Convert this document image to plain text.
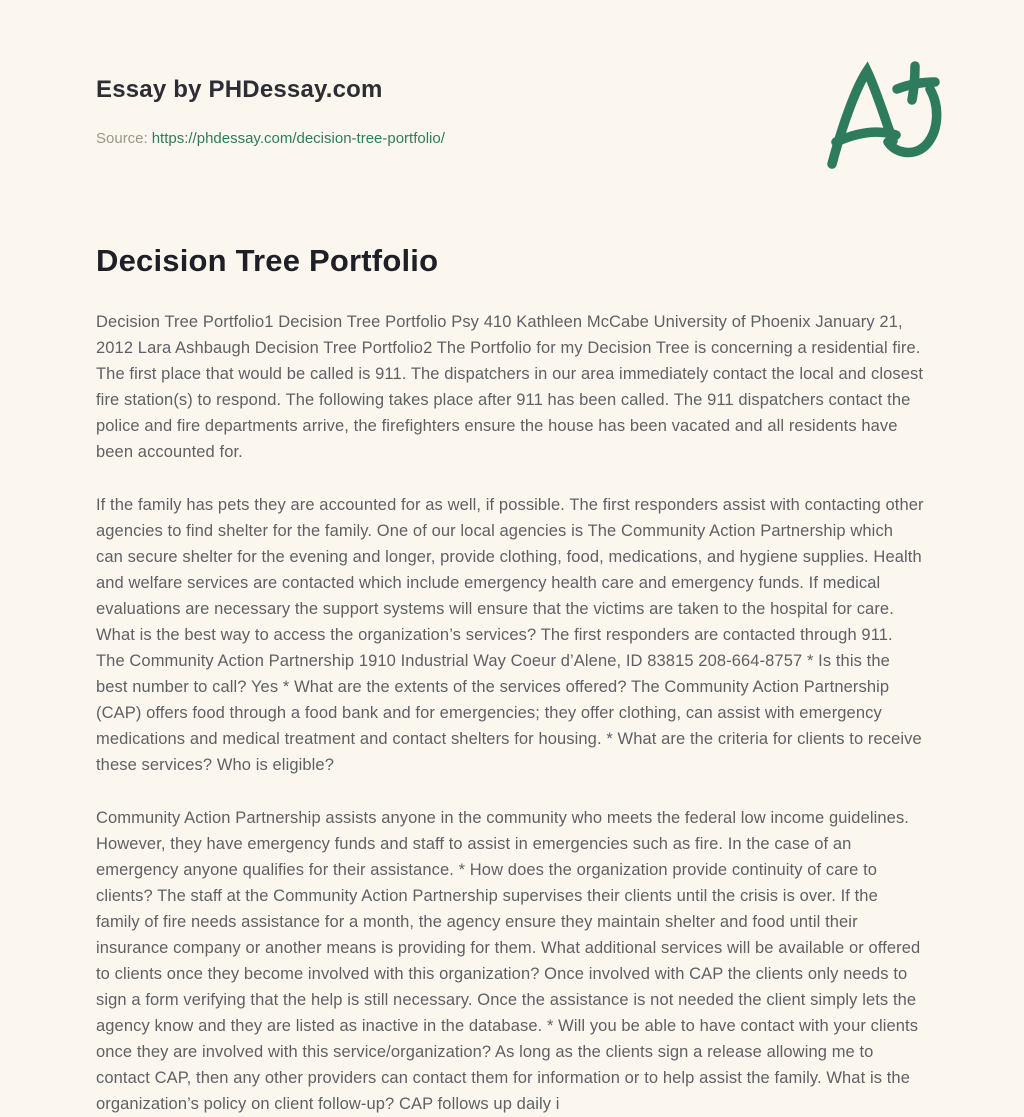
Essay by PHDessay.com
Source: https://phdessay.com/decision-tree-portfolio/
Decision Tree Portfolio

Decision Tree Portfolio1 Decision Tree Portfolio Psy 410 Kathleen McCabe University of Phoenix January 21, 2012 Lara Ashbaugh Decision Tree Portfolio2 The Portfolio for my Decision Tree is concerning a residential fire. The first place that would be called is 911. The dispatchers in our area immediately contact the local and closest fire station(s) to respond. The following takes place after 911 has been called. The 911 dispatchers contact the police and fire departments arrive, the firefighters ensure the house has been vacated and all residents have been accounted for.

If the family has pets they are accounted for as well, if possible. The first responders assist with contacting other agencies to find shelter for the family. One of our local agencies is The Community Action Partnership which can secure shelter for the evening and longer, provide clothing, food, medications, and hygiene supplies. Health and welfare services are contacted which include emergency health care and emergency funds. If medical evaluations are necessary the support systems will ensure that the victims are taken to the hospital for care. What is the best way to access the organization’s services? The first responders are contacted through 911. The Community Action Partnership 1910 Industrial Way Coeur d’Alene, ID 83815 208-664-8757 * Is this the best number to call? Yes * What are the extents of the services offered? The Community Action Partnership (CAP) offers food through a food bank and for emergencies; they offer clothing, can assist with emergency medications and medical treatment and contact shelters for housing. * What are the criteria for clients to receive these services? Who is eligible?

Community Action Partnership assists anyone in the community who meets the federal low income guidelines. However, they have emergency funds and staff to assist in emergencies such as fire. In the case of an emergency anyone qualifies for their assistance. * How does the organization provide continuity of care to clients? The staff at the Community Action Partnership supervises their clients until the crisis is over. If the family of fire needs assistance for a month, the agency ensure they maintain shelter and food until their insurance company or another means is providing for them. What additional services will be available or offered to clients once they become involved with this organization? Once involved with CAP the clients only needs to sign a form verifying that the help is still necessary. Once the assistance is not needed the client simply lets the agency know and they are listed as inactive in the database. * Will you be able to have contact with your clients once they are involved with this service/organization? As long as the clients sign a release allowing me to contact CAP, then any other providers can contact them for information or to help assist the family. What is the organization’s policy on client follow-up? CAP follows up daily i
